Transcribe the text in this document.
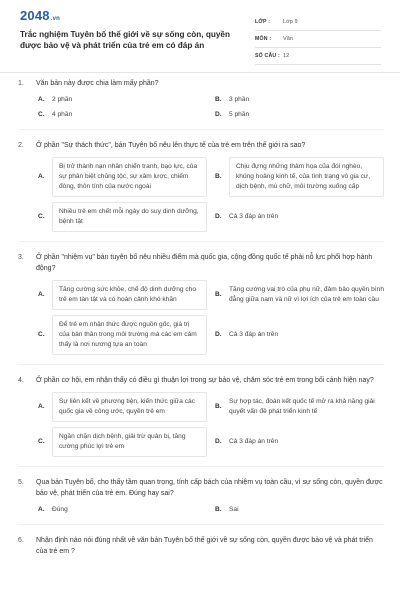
2048.vn
Trắc nghiệm Tuyên bố thế giới về sự sống còn, quyền được bảo vệ và phát triển của trẻ em có đáp án
LỚP :	Lớp 9
MÔN :	Văn
SỐ CÂU : 12
1.	Văn bản này được chia làm mấy phần?
A.	2 phần	B.	3 phần
C.	4 phần	D.	5 phần
2.	Ở phần "Sự thách thức", bản Tuyên bố nêu lên thực tế của trẻ em trên thế giới ra sao?
A.
Bị trở thành nạn nhân chiến tranh, bạo lực, của sự phân biệt chủng tộc, sự xâm lược, chiếm đóng, thôn tính của nước ngoài
B.
Chịu đựng những thảm họa của đói nghèo, khủng hoảng kinh tế, của tình trạng vô gia cư, dịch bệnh, mù chữ, môi trường xuống cấp
C.
Nhiều trẻ em chết mỗi ngày do suy dinh dưỡng, bệnh tật
D.	Cả 3 đáp án trên
3.	Ở phần "nhiệm vụ" bản tuyên bố nêu nhiều điểm mà quốc gia, cộng đồng quốc tế phải nỗ lực phối hợp hành động?
A.
Tăng cường sức khỏe, chế độ dinh dưỡng cho trẻ em tàn tật và có hoàn cảnh khó khăn
B.
Tăng cường vai trò của phụ nữ, đảm bảo quyền bình đẳng giữa nam và nữ vì lợi ích của trẻ em toàn cầu
C.
Để trẻ em nhận thức được nguồn gốc, giá trị của bản thân trong môi trường mà các em cảm thấy là nơi nương tựa an toàn
D.	Cả 3 đáp án trên
4.	Ở phần cơ hội, em nhận thấy có điều gì thuận lợi trong sự bảo vệ, chăm sóc trẻ em trong bối cảnh hiện nay?
A.
Sự liên kết về phương tiện, kiến thức giữa các quốc gia về công ước, quyền trẻ em
B.
Sự hợp tác, đoàn kết quốc tế mở ra khả năng giải quyết vấn đề phát triển kinh tế
C.
Ngăn chặn dịch bệnh, giải trừ quân bị, tăng cường phúc lợi trẻ em
D.	Cả 3 đáp án trên
5.	Qua bản Tuyên bố, cho thấy tầm quan trọng, tính cấp bách của nhiệm vụ toàn cầu, vì sự sống còn, quyền được bảo vệ, phát triển của trẻ em. Đúng hay sai?
A.	Đúng	B.	Sai
6.	Nhận định nào nói đúng nhất về văn bản Tuyên bố thế giới về sự sống còn, quyền được bảo vệ và phát triển của trẻ em ?
